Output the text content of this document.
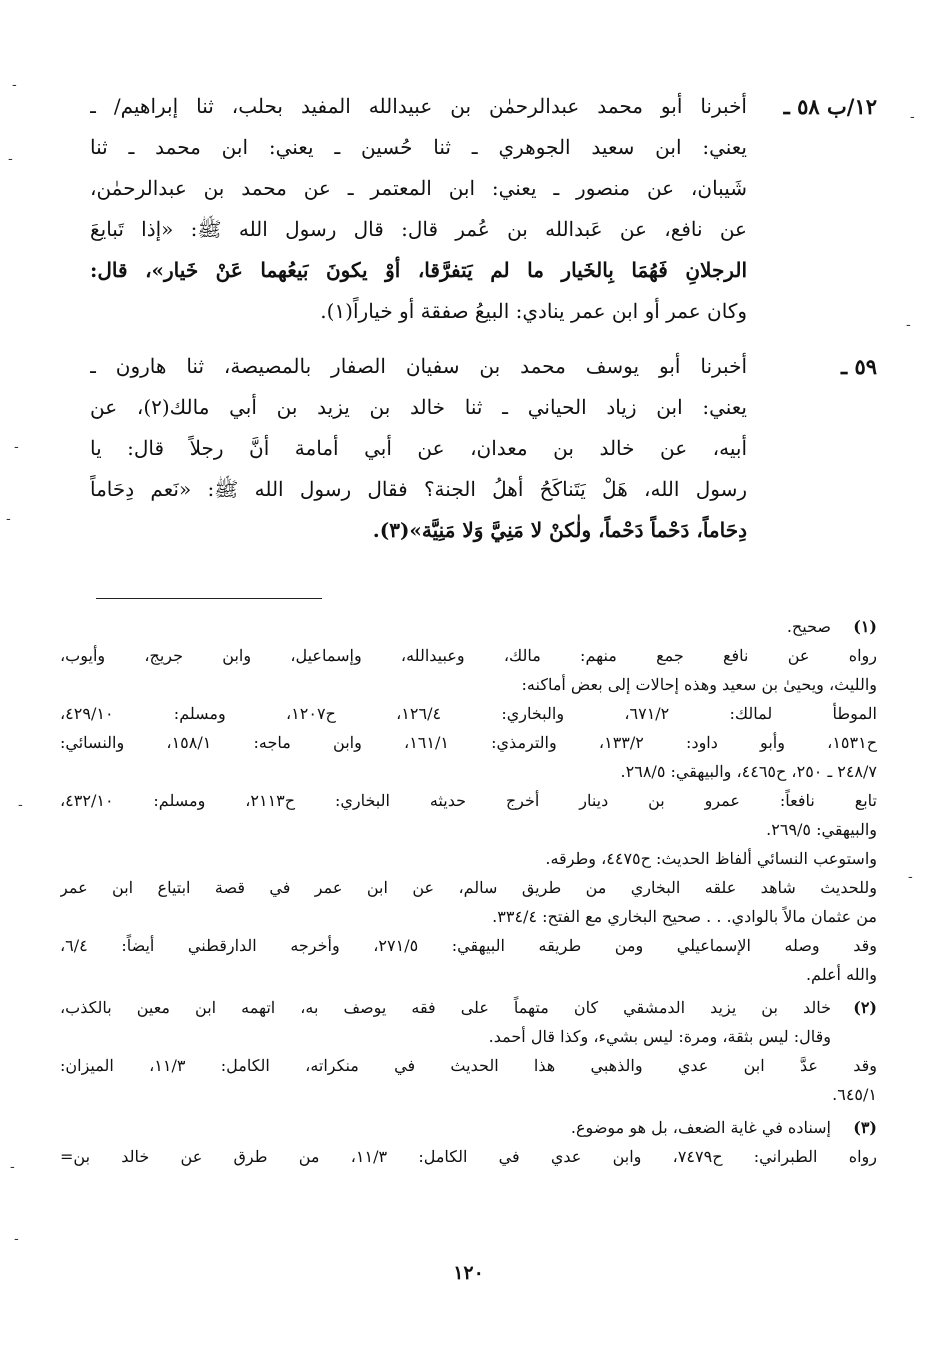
١٢/ب ٥٨ ـ
أخبرنا أبو محمد عبدالرحمٰن بن عبيدالله المفيد بحلب، ثنا إبراهيم/ ـ
يعني: ابن سعيد الجوهري ـ ثنا حُسين ـ يعني: ابن محمد ـ ثنا
شَيبان، عن منصور ـ يعني: ابن المعتمر ـ عن محمد بن عبدالرحمٰن،
عن نافع، عن عَبدالله بن عُمر قال: قال رسول الله ﷺ: «إذا تَبايعَ
الرجلانِ فَهُمَا بِالخَيار ما لم يَتفرَّقا، أوْ يكونَ بَيعُهما عَنْ خَيار»، قال:
وكان عمر أو ابن عمر ينادي: البيعُ صفقة أو خياراً(١).
٥٩ ـ
أخبرنا أبو يوسف محمد بن سفيان الصفار بالمصيصة، ثنا هارون ـ
يعني: ابن زياد الحياني ـ ثنا خالد بن يزيد بن أبي مالك(٢)، عن
أبيه، عن خالد بن معدان، عن أبي أمامة أنَّ رجلاً قال: يا
رسول الله، هَلْ يَتَناكَحُ أهلُ الجنة؟ فقال رسول الله ﷺ: «نَعم دِحَاماً
دِحَاماً، دَحْماً دَحْماً، ولٰكنْ لا مَنِيَّ وَلا مَنِيَّة»(٣).
(١)
صحيح.
رواه عن نافع جمع منهم: مالك، وعبيدالله، وإسماعيل، وابن جريج، وأيوب،
والليث، ويحيىٰ بن سعيد وهذه إحالات إلى بعض أماكنه:
الموطأ لمالك: ٦٧١/٢، والبخاري: ١٢٦/٤، ح١٢٠٧، ومسلم: ٤٢٩/١٠،
ح١٥٣١، وأبو داود: ١٣٣/٢، والترمذي: ١٦١/١، وابن ماجه: ١٥٨/١، والنسائي:
٢٤٨/٧ ـ ٢٥٠، ح٤٤٦٥، والبيهقي: ٢٦٨/٥.
تابع نافعاً: عمرو بن دينار أخرج حديثه البخاري: ح٢١١٣، ومسلم: ٤٣٢/١٠،
والبيهقي: ٢٦٩/٥.
واستوعب النسائي ألفاظ الحديث: ح٤٤٧٥، وطرقه.
وللحديث شاهد علقه البخاري من طريق سالم، عن ابن عمر في قصة ابتياع ابن عمر
من عثمان مالاً بالوادي. . . صحيح البخاري مع الفتح: ٣٣٤/٤.
وقد وصله الإسماعيلي ومن طريقه البيهقي: ٢٧١/٥، وأخرجه الدارقطني أيضاً: ٦/٤،
والله أعلم.
(٢)
خالد بن يزيد الدمشقي كان متهماً على فقه يوصف به، اتهمه ابن معين بالكذب،
وقال: ليس بثقة، ومرة: ليس بشيء، وكذا قال أحمد.
وقد عدَّ ابن عدي والذهبي هذا الحديث في منكراته، الكامل: ١١/٣، الميزان:
٦٤٥/١.
(٣)
إسناده في غاية الضعف، بل هو موضوع.
رواه الطبراني: ح٧٤٧٩، وابن عدي في الكامل: ١١/٣، من طرق عن خالد بن=
١٢٠
-
-
-
-
-
-
-
-
-
-
